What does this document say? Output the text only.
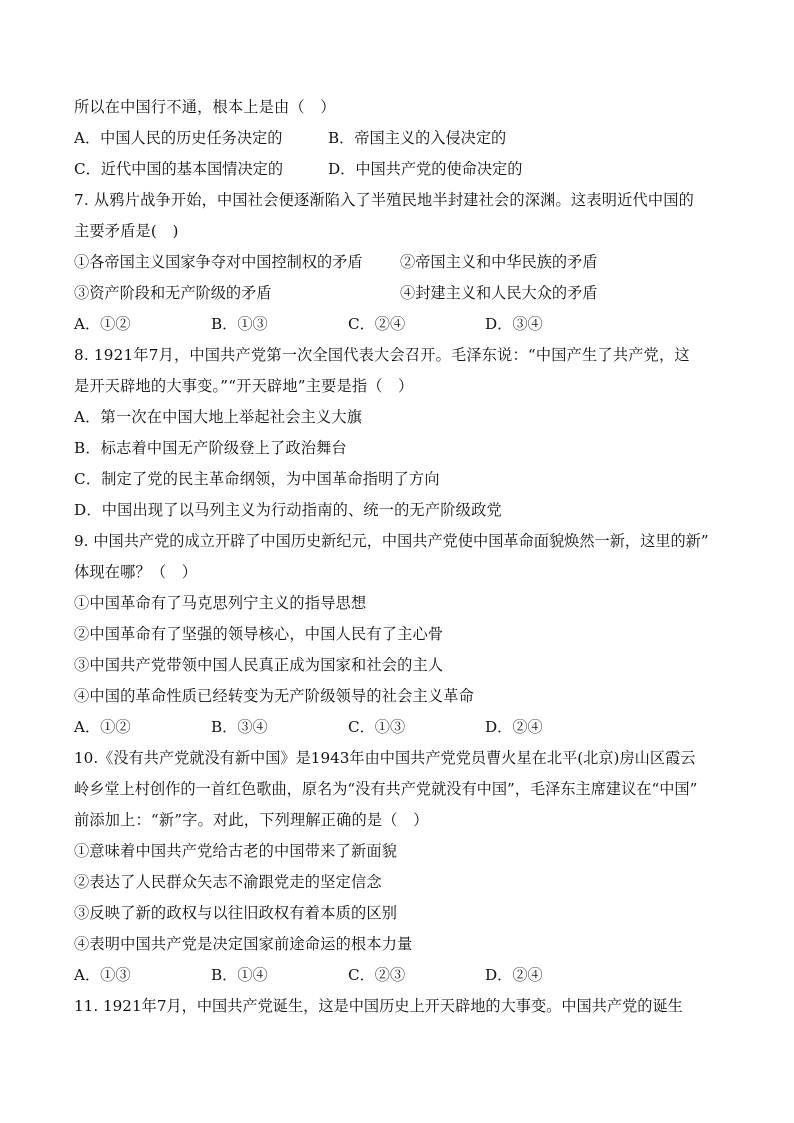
所以在中国行不通，根本上是由（　）
A．中国人民的历史任务决定的	B．帝国主义的入侵决定的
C．近代中国的基本国情决定的	D．中国共产党的使命决定的
7. 从鸦片战争开始，中国社会便逐渐陷入了半殖民地半封建社会的深渊。这表明近代中国的
主要矛盾是(　)
①各帝国主义国家争夺对中国控制权的矛盾	②帝国主义和中华民族的矛盾
③资产阶段和无产阶级的矛盾	④封建主义和人民大众的矛盾
A．①②	B．①③	C．②④	D．③④
8. 1921年7月，中国共产党第一次全国代表大会召开。毛泽东说：“中国产生了共产党，这
是开天辟地的大事变。”“开天辟地”主要是指（　）
A．第一次在中国大地上举起社会主义大旗
B．标志着中国无产阶级登上了政治舞台
C．制定了党的民主革命纲领，为中国革命指明了方向
D．中国出现了以马列主义为行动指南的、统一的无产阶级政党
9. 中国共产党的成立开辟了中国历史新纪元，中国共产党使中国革命面貌焕然一新，这里的新”
体现在哪？（　）
①中国革命有了马克思列宁主义的指导思想
②中国革命有了坚强的领导核心，中国人民有了主心骨
③中国共产党带领中国人民真正成为国家和社会的主人
④中国的革命性质已经转变为无产阶级领导的社会主义革命
A．①②	B．③④	C．①③	D．②④
10.《没有共产党就没有新中国》是1943年由中国共产党党员曹火星在北平(北京)房山区霞云
岭乡堂上村创作的一首红色歌曲，原名为“没有共产党就没有中国”，毛泽东主席建议在“中国”
前添加上：“新”字。对此，下列理解正确的是（　）
①意味着中国共产党给古老的中国带来了新面貌
②表达了人民群众矢志不渝跟党走的坚定信念
③反映了新的政权与以往旧政权有着本质的区别
④表明中国共产党是决定国家前途命运的根本力量
A．①③	B．①④	C．②③	D．②④
11. 1921年7月，中国共产党诞生，这是中国历史上开天辟地的大事变。中国共产党的诞生
